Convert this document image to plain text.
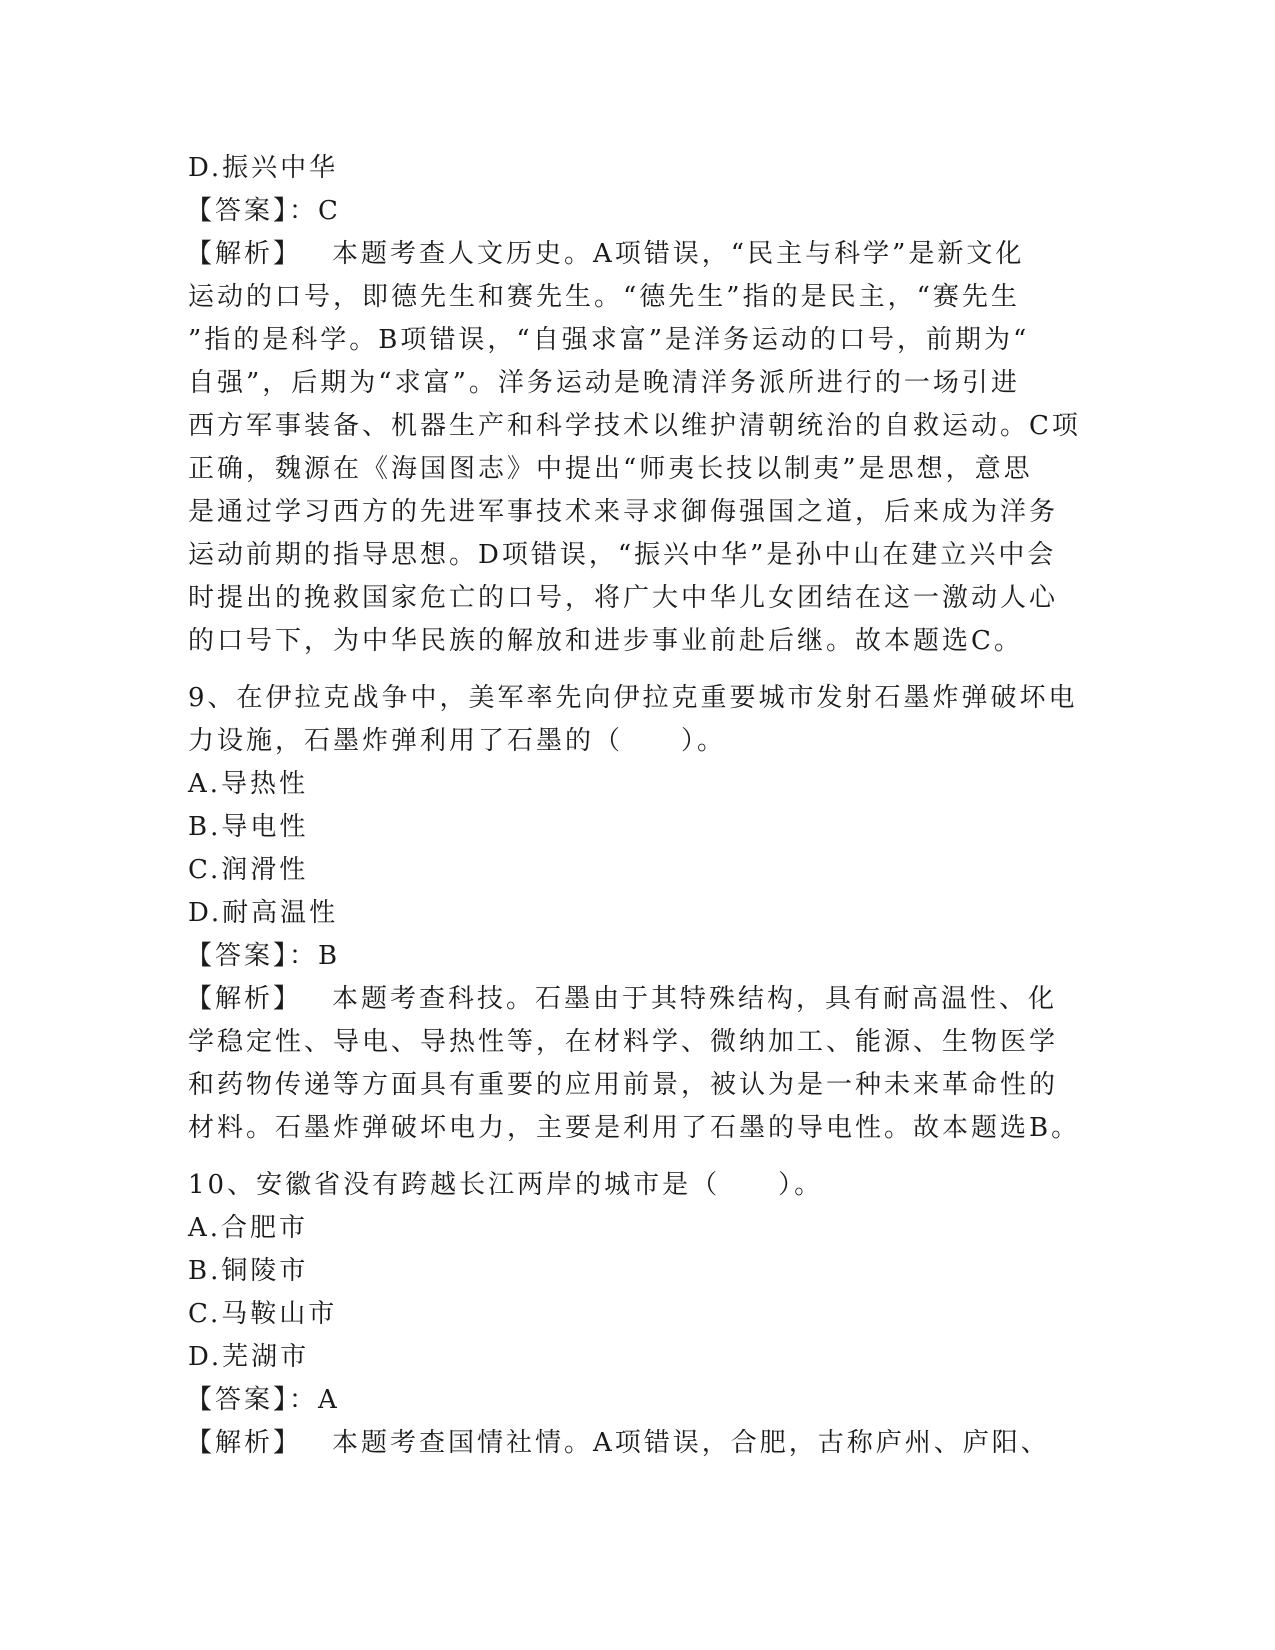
D.振兴中华

【答案】：C

【解析】 本题考查人文历史。A项错误，“民主与科学”是新文化

运动的口号，即德先生和赛先生。“德先生”指的是民主，“赛先生

”指的是科学。B项错误，“自强求富”是洋务运动的口号，前期为“

自强”，后期为“求富”。洋务运动是晚清洋务派所进行的一场引进

西方军事装备、机器生产和科学技术以维护清朝统治的自救运动。C项

正确，魏源在《海国图志》中提出“师夷长技以制夷”是思想，意思

是通过学习西方的先进军事技术来寻求御侮强国之道，后来成为洋务

运动前期的指导思想。D项错误，“振兴中华”是孙中山在建立兴中会

时提出的挽救国家危亡的口号，将广大中华儿女团结在这一激动人心

的口号下，为中华民族的解放和进步事业前赴后继。故本题选C。

9、在伊拉克战争中，美军率先向伊拉克重要城市发射石墨炸弹破坏电

力设施，石墨炸弹利用了石墨的（　　）。

A.导热性

B.导电性

C.润滑性

D.耐高温性

【答案】：B

【解析】 本题考查科技。石墨由于其特殊结构，具有耐高温性、化

学稳定性、导电、导热性等，在材料学、微纳加工、能源、生物医学

和药物传递等方面具有重要的应用前景，被认为是一种未来革命性的

材料。石墨炸弹破坏电力，主要是利用了石墨的导电性。故本题选B。

10、安徽省没有跨越长江两岸的城市是（　　）。

A.合肥市

B.铜陵市

C.马鞍山市

D.芜湖市

【答案】：A

【解析】 本题考查国情社情。A项错误，合肥，古称庐州、庐阳、
